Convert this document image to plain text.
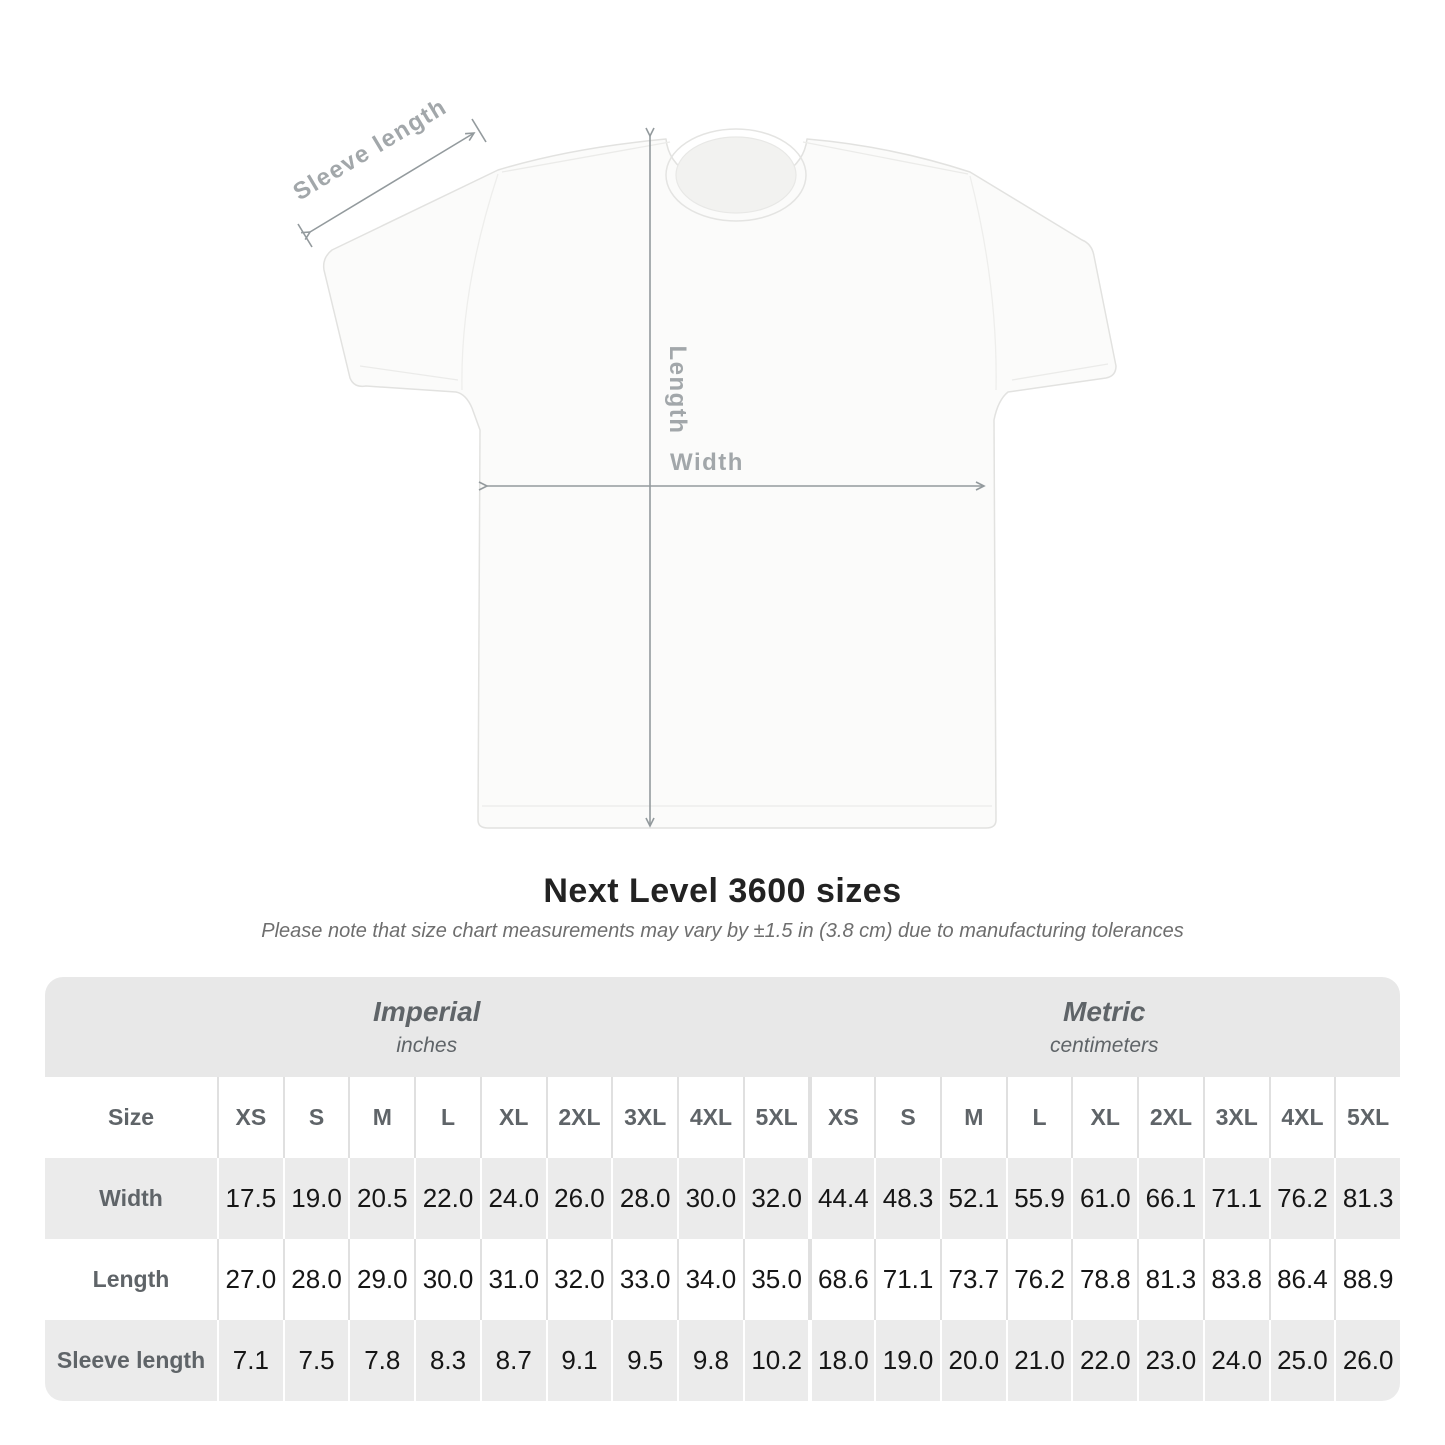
Length
Width
Sleeve length
Next Level 3600 sizes

Please note that size chart measurements may vary by ±1.5 in (3.8 cm) due to manufacturing tolerances

Imperial
inches
Metric
centimeters
Size	XS	S	M	L	XL	2XL	3XL	4XL	5XL	XS	S	M	L	XL	2XL	3XL	4XL	5XL
Width	17.5 19.0 20.5 22.0 24.0 26.0 28.0 30.0 32.0 44.4 48.3 52.1 55.9 61.0 66.1 71.1 76.2 81.3
Length	27.0 28.0 29.0 30.0 31.0 32.0 33.0 34.0 35.0 68.6 71.1 73.7 76.2 78.8 81.3 83.8 86.4 88.9
Sleeve length	7.1	7.5	7.8	8.3	8.7	9.1	9.5	9.8 10.2 18.0 19.0 20.0 21.0 22.0 23.0 24.0 25.0 26.0
